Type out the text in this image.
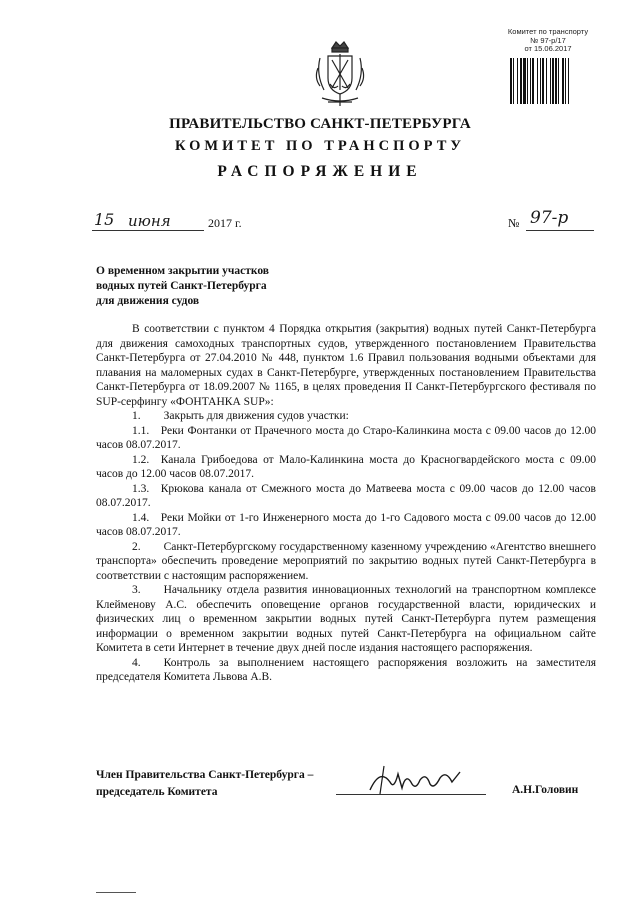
Комитет по транспорту
№ 97-р/17
от 15.06.2017
ПРАВИТЕЛЬСТВО САНКТ-ПЕТЕРБУРГА
КОМИТЕТ ПО ТРАНСПОРТУ
РАСПОРЯЖЕНИЕ
15 июня	2017 г.	№ 97-р
О временном закрытии участков
водных путей Санкт-Петербурга
для движения судов

В соответствии с пунктом 4 Порядка открытия (закрытия) водных путей Санкт-Петербурга для движения самоходных транспортных судов, утвержденного постановлением Правительства Санкт-Петербурга от 27.04.2010 № 448, пунктом 1.6 Правил пользования водными объектами для плавания на маломерных судах в Санкт-Петербурге, утвержденных постановлением Правительства Санкт-Петербурга от 18.09.2007 № 1165, в целях проведения II Санкт-Петербургского фестиваля по SUP-серфингу «ФОНТАНКА SUP»:

1.  Закрыть для движения судов участки:

1.1. Реки Фонтанки от Прачечного моста до Старо-Калинкина моста с 09.00 часов до 12.00 часов 08.07.2017.

1.2. Канала Грибоедова от Мало-Калинкина моста до Красногвардейского моста с 09.00 часов до 12.00 часов 08.07.2017.

1.3. Крюкова канала от Смежного моста до Матвеева моста с 09.00 часов до 12.00 часов 08.07.2017.

1.4. Реки Мойки от 1-го Инженерного моста до 1-го Садового моста с 09.00 часов до 12.00 часов 08.07.2017.

2.  Санкт-Петербургскому государственному казенному учреждению «Агентство внешнего транспорта» обеспечить проведение мероприятий по закрытию водных путей Санкт-Петербурга в соответствии с настоящим распоряжением.

3.  Начальнику отдела развития инновационных технологий на транспортном комплексе Клейменову А.С. обеспечить оповещение органов государственной власти, юридических и физических лиц о временном закрытии водных путей Санкт-Петербурга путем размещения информации о временном закрытии водных путей Санкт-Петербурга на официальном сайте Комитета в сети Интернет в течение двух дней после издания настоящего распоряжения.

4.  Контроль за выполнением настоящего распоряжения возложить на заместителя председателя Комитета Львова А.В.

Член Правительства Санкт-Петербурга –
председатель Комитета	А.Н.Головин
